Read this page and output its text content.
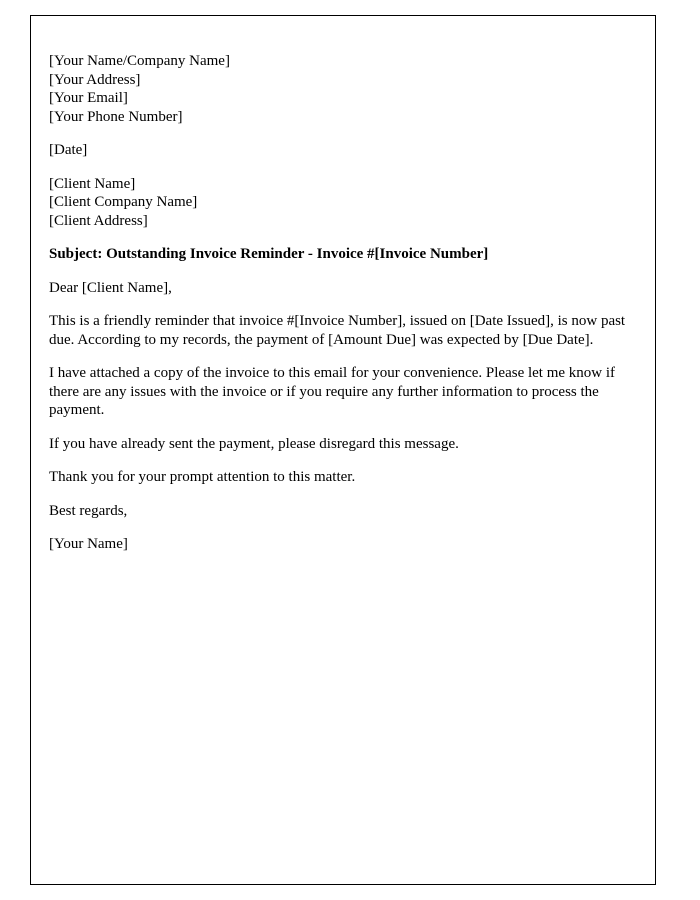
[Your Name/Company Name]
[Your Address]
[Your Email]
[Your Phone Number]
[Date]
[Client Name]
[Client Company Name]
[Client Address]
Subject: Outstanding Invoice Reminder - Invoice #[Invoice Number]
Dear [Client Name],
This is a friendly reminder that invoice #[Invoice Number], issued on [Date Issued], is now past due. According to my records, the payment of [Amount Due] was expected by [Due Date].
I have attached a copy of the invoice to this email for your convenience. Please let me know if there are any issues with the invoice or if you require any further information to process the payment.
If you have already sent the payment, please disregard this message.
Thank you for your prompt attention to this matter.
Best regards,
[Your Name]
